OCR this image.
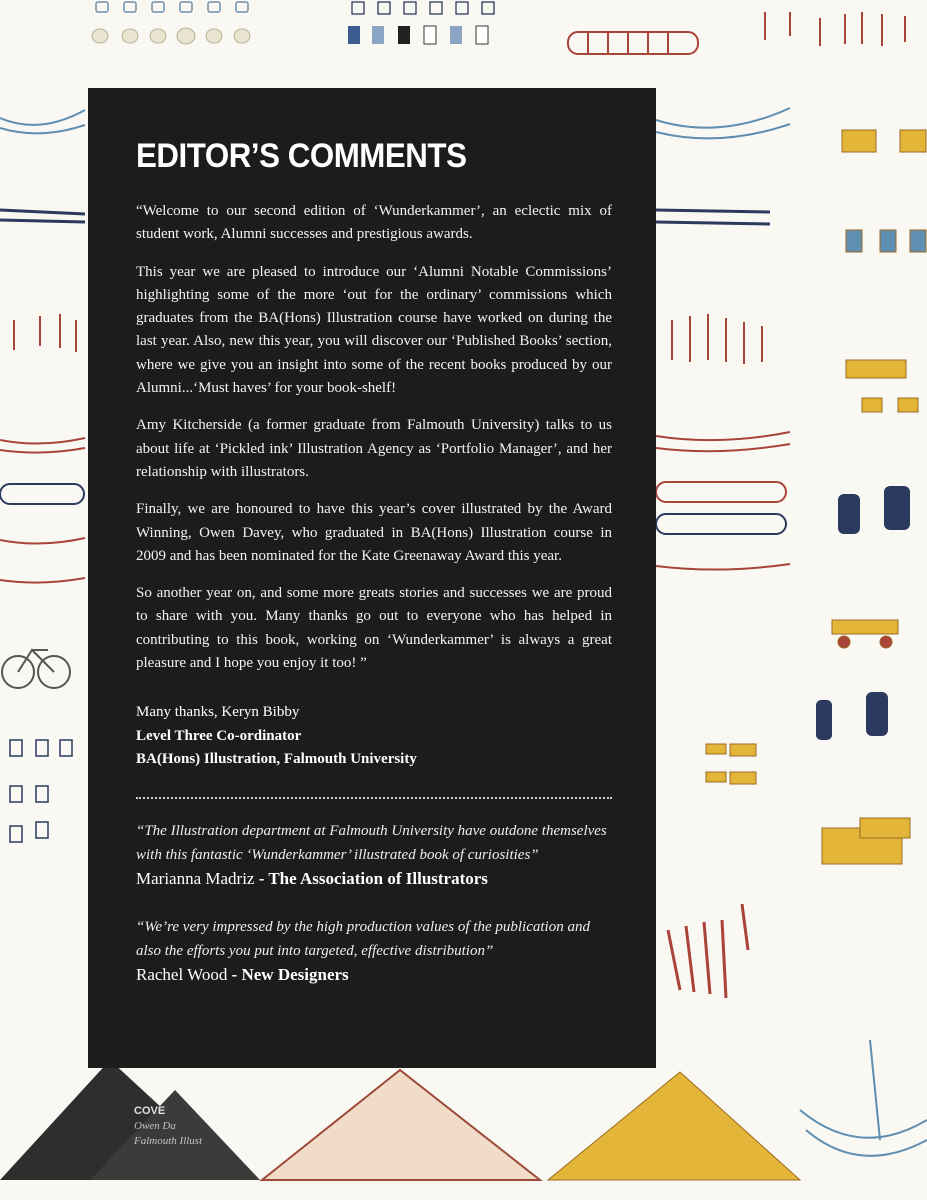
EDITOR’S COMMENTS

“Welcome to our second edition of ‘Wunderkammer’, an eclectic mix of student work, Alumni successes and prestigious awards.

This year we are pleased to introduce our ‘Alumni Notable Commissions’ highlighting some of the more ‘out for the ordinary’ commissions which graduates from the BA(Hons) Illustration course have worked on during the last year. Also, new this year, you will discover our ‘Published Books’ section, where we give you an insight into some of the recent books produced by our Alumni...‘Must haves’ for your book-shelf!

Amy Kitcherside (a former graduate from Falmouth University) talks to us about life at ‘Pickled ink’ Illustration Agency as ‘Portfolio Manager’, and her relationship with illustrators.

Finally, we are honoured to have this year’s cover illustrated by the Award Winning, Owen Davey, who graduated in BA(Hons) Illustration course in 2009 and has been nominated for the Kate Greenaway Award this year.

So another year on, and some more greats stories and successes we are proud to share with you. Many thanks go out to everyone who has helped in contributing to this book, working on ‘Wunderkammer’ is always a great pleasure and I hope you enjoy it too! ”

Many thanks, Keryn Bibby
Level Three Co-ordinator
BA(Hons) Illustration, Falmouth University
“The Illustration department at Falmouth University have outdone themselves with this fantastic ‘Wunderkammer’ illustrated book of curiosities”
Marianna Madriz - The Association of Illustrators
“We’re very impressed by the high production values of the publication and also the efforts you put into targeted, effective distribution”
Rachel Wood - New Designers
COVE
Owen Da
Falmouth Illust
